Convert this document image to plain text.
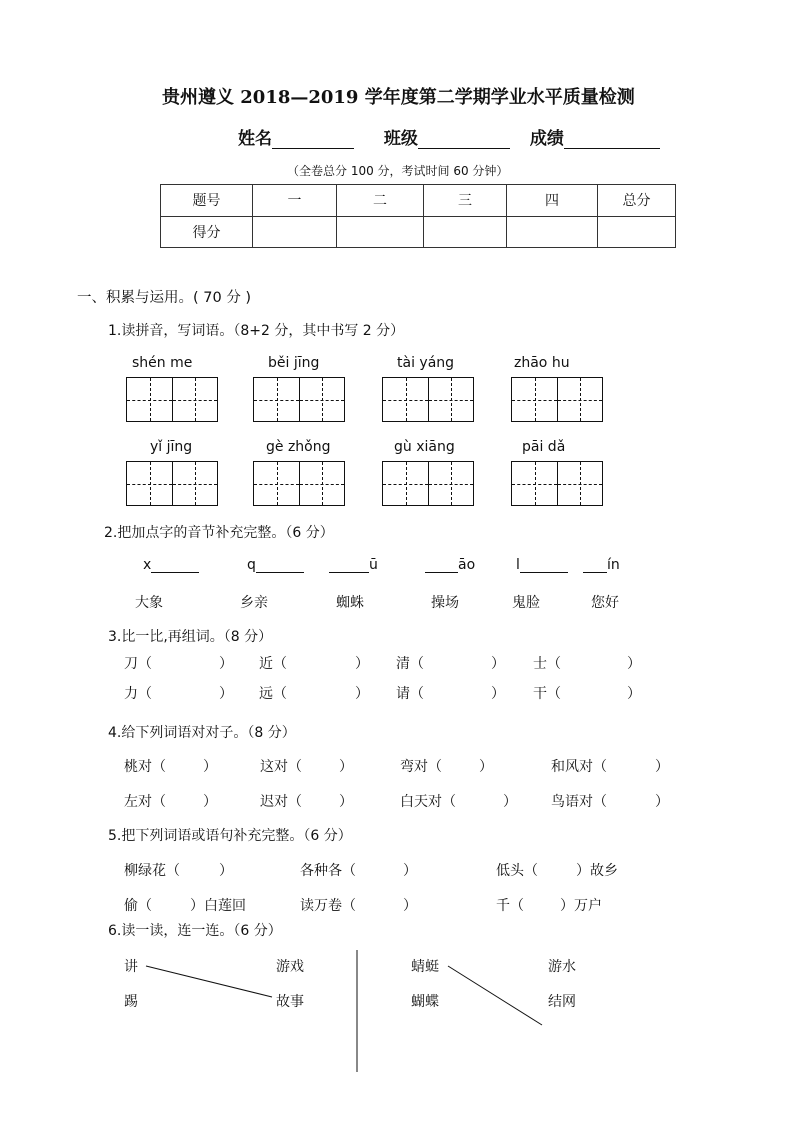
贵州遵义 2018—2019 学年度第二学期学业水平质量检测
姓名	班级	成绩
（全卷总分 100 分，考试时间 60 分钟）
题号	一	二	三	四	总分
得分					
一、积累与运用。( 70 分 )
1.读拼音，写词语。（8+2 分，其中书写 2 分）
shén me	běi jīng	tài yáng	zhāo hu
yǐ jīng	gè zhǒng	gù xiāng	pāi dǎ
2.把加点字的音节补充完整。（6 分）
x	q	ū	āo	l	ín
大象	乡亲	蜘蛛	操场	鬼脸	您好
3.比一比,再组词。（8 分）
刀（	） 近（	） 清（	） 士（	）
力（	） 远（	） 请（	） 干（	）
4.给下列词语对对子。（8 分）
桃对（	）	这对（	）	弯对（	）	和风对（	）
左对（	）	迟对（	）	白天对（	） 鸟语对（	）
5.把下列词语或语句补充完整。（6 分）
柳绿花（	）	各种各（	）	低头（	）故乡
偷（	）白莲回	读万卷（	）	千（	）万户
6.读一读，连一连。（6 分）
讲
踢
游戏
故事
蜻蜓
蝴蝶
游水
结网
